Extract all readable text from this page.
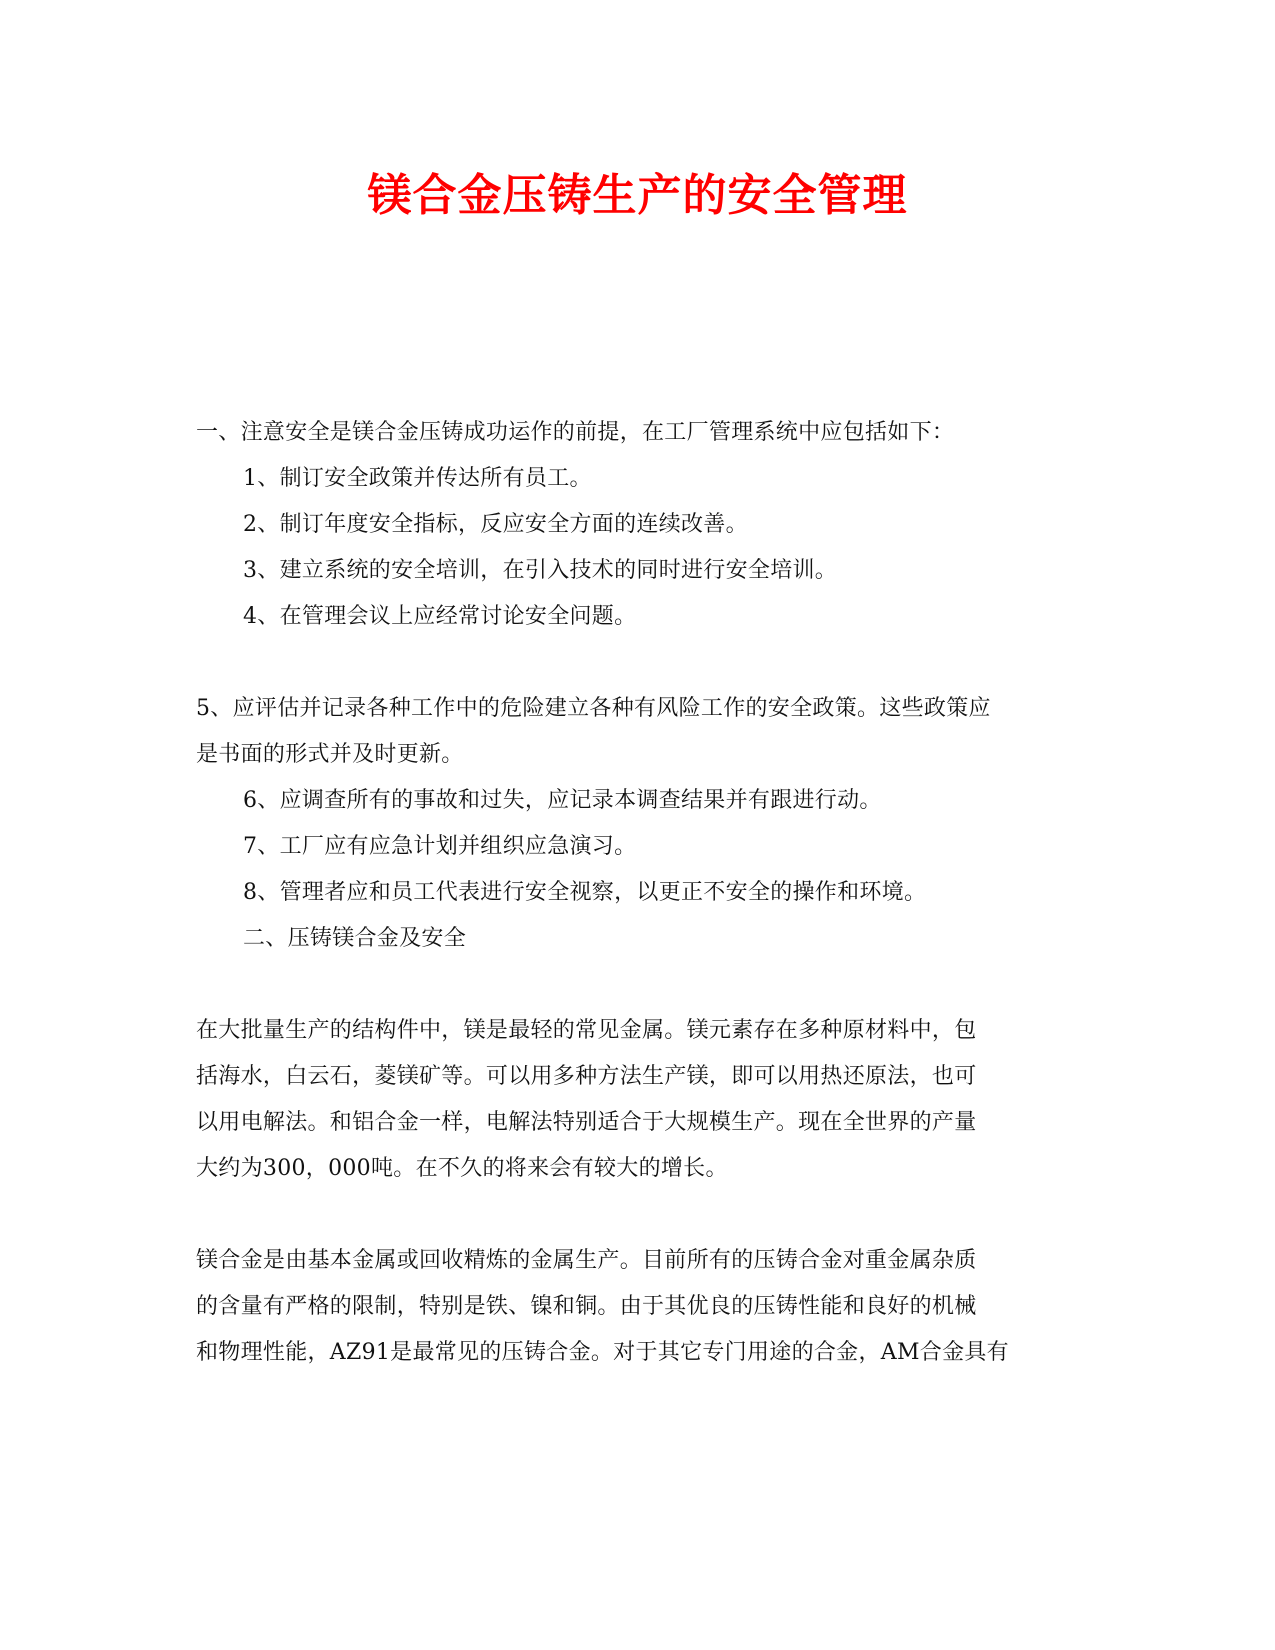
镁合金压铸生产的安全管理
一、注意安全是镁合金压铸成功运作的前提，在工厂管理系统中应包括如下：
1、制订安全政策并传达所有员工。
2、制订年度安全指标，反应安全方面的连续改善。
3、建立系统的安全培训，在引入技术的同时进行安全培训。
4、在管理会议上应经常讨论安全问题。
5、应评估并记录各种工作中的危险建立各种有风险工作的安全政策。这些政策应
是书面的形式并及时更新。
6、应调查所有的事故和过失，应记录本调查结果并有跟进行动。
7、工厂应有应急计划并组织应急演习。
8、管理者应和员工代表进行安全视察，以更正不安全的操作和环境。
二、压铸镁合金及安全
在大批量生产的结构件中，镁是最轻的常见金属。镁元素存在多种原材料中，包
括海水，白云石，菱镁矿等。可以用多种方法生产镁，即可以用热还原法，也可
以用电解法。和铝合金一样，电解法特别适合于大规模生产。现在全世界的产量
大约为300，000吨。在不久的将来会有较大的增长。
镁合金是由基本金属或回收精炼的金属生产。目前所有的压铸合金对重金属杂质
的含量有严格的限制，特别是铁、镍和铜。由于其优良的压铸性能和良好的机械
和物理性能，AZ91是最常见的压铸合金。对于其它专门用途的合金，AM合金具有
